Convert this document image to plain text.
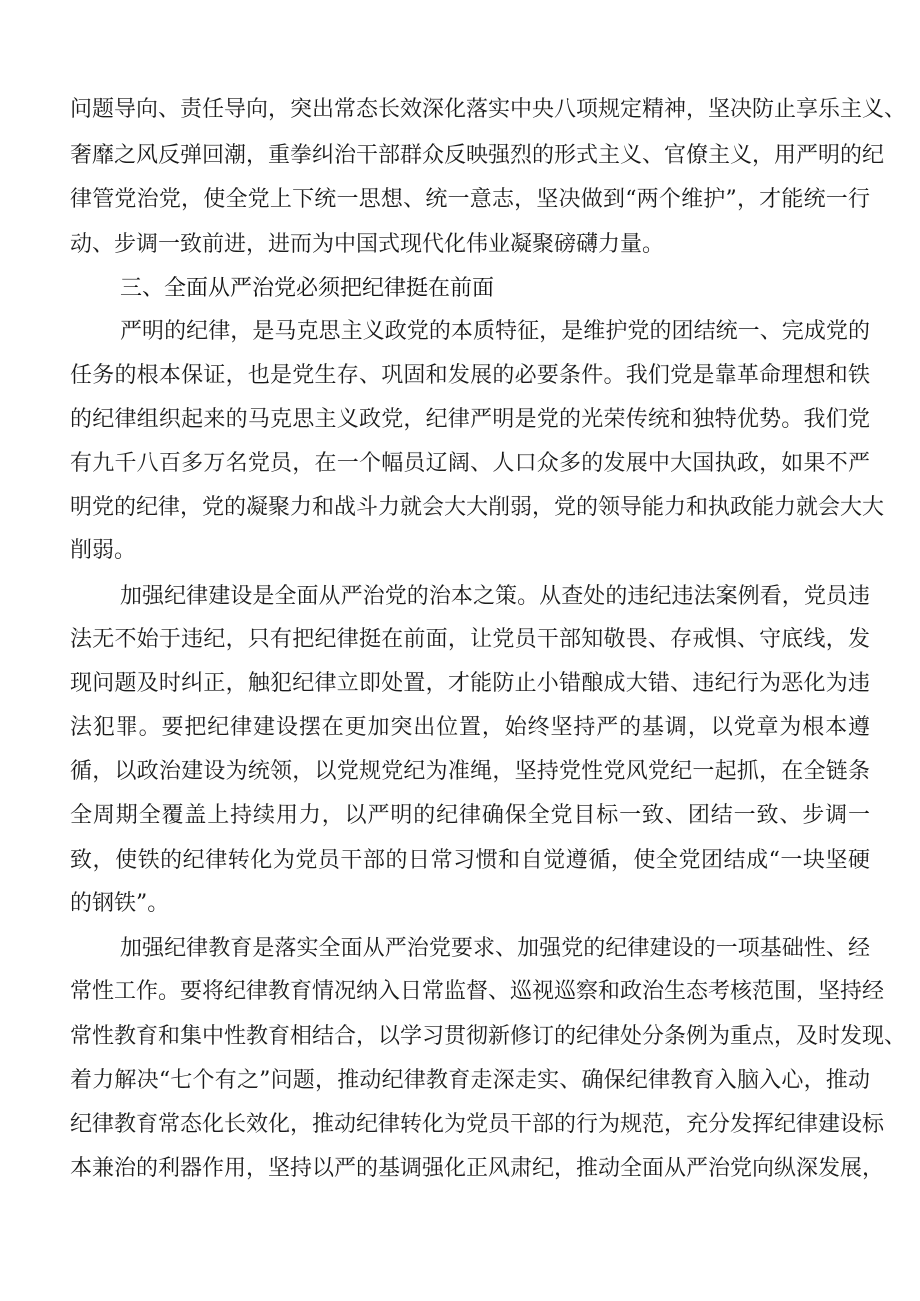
问题导向、责任导向，突出常态长效深化落实中央八项规定精神，坚决防止享乐主义、
奢靡之风反弹回潮，重拳纠治干部群众反映强烈的形式主义、官僚主义，用严明的纪
律管党治党，使全党上下统一思想、统一意志，坚决做到“两个维护”，才能统一行
动、步调一致前进，进而为中国式现代化伟业凝聚磅礴力量。
三、全面从严治党必须把纪律挺在前面
严明的纪律，是马克思主义政党的本质特征，是维护党的团结统一、完成党的
任务的根本保证，也是党生存、巩固和发展的必要条件。我们党是靠革命理想和铁
的纪律组织起来的马克思主义政党，纪律严明是党的光荣传统和独特优势。我们党
有九千八百多万名党员，在一个幅员辽阔、人口众多的发展中大国执政，如果不严
明党的纪律，党的凝聚力和战斗力就会大大削弱，党的领导能力和执政能力就会大大
削弱。
加强纪律建设是全面从严治党的治本之策。从查处的违纪违法案例看，党员违
法无不始于违纪，只有把纪律挺在前面，让党员干部知敬畏、存戒惧、守底线，发
现问题及时纠正，触犯纪律立即处置，才能防止小错酿成大错、违纪行为恶化为违
法犯罪。要把纪律建设摆在更加突出位置，始终坚持严的基调，以党章为根本遵
循，以政治建设为统领，以党规党纪为准绳，坚持党性党风党纪一起抓，在全链条
全周期全覆盖上持续用力，以严明的纪律确保全党目标一致、团结一致、步调一
致，使铁的纪律转化为党员干部的日常习惯和自觉遵循，使全党团结成“一块坚硬
的钢铁”。
加强纪律教育是落实全面从严治党要求、加强党的纪律建设的一项基础性、经
常性工作。要将纪律教育情况纳入日常监督、巡视巡察和政治生态考核范围，坚持经
常性教育和集中性教育相结合，以学习贯彻新修订的纪律处分条例为重点，及时发现、
着力解决“七个有之”问题，推动纪律教育走深走实、确保纪律教育入脑入心，推动
纪律教育常态化长效化，推动纪律转化为党员干部的行为规范，充分发挥纪律建设标
本兼治的利器作用，坚持以严的基调强化正风肃纪，推动全面从严治党向纵深发展，
